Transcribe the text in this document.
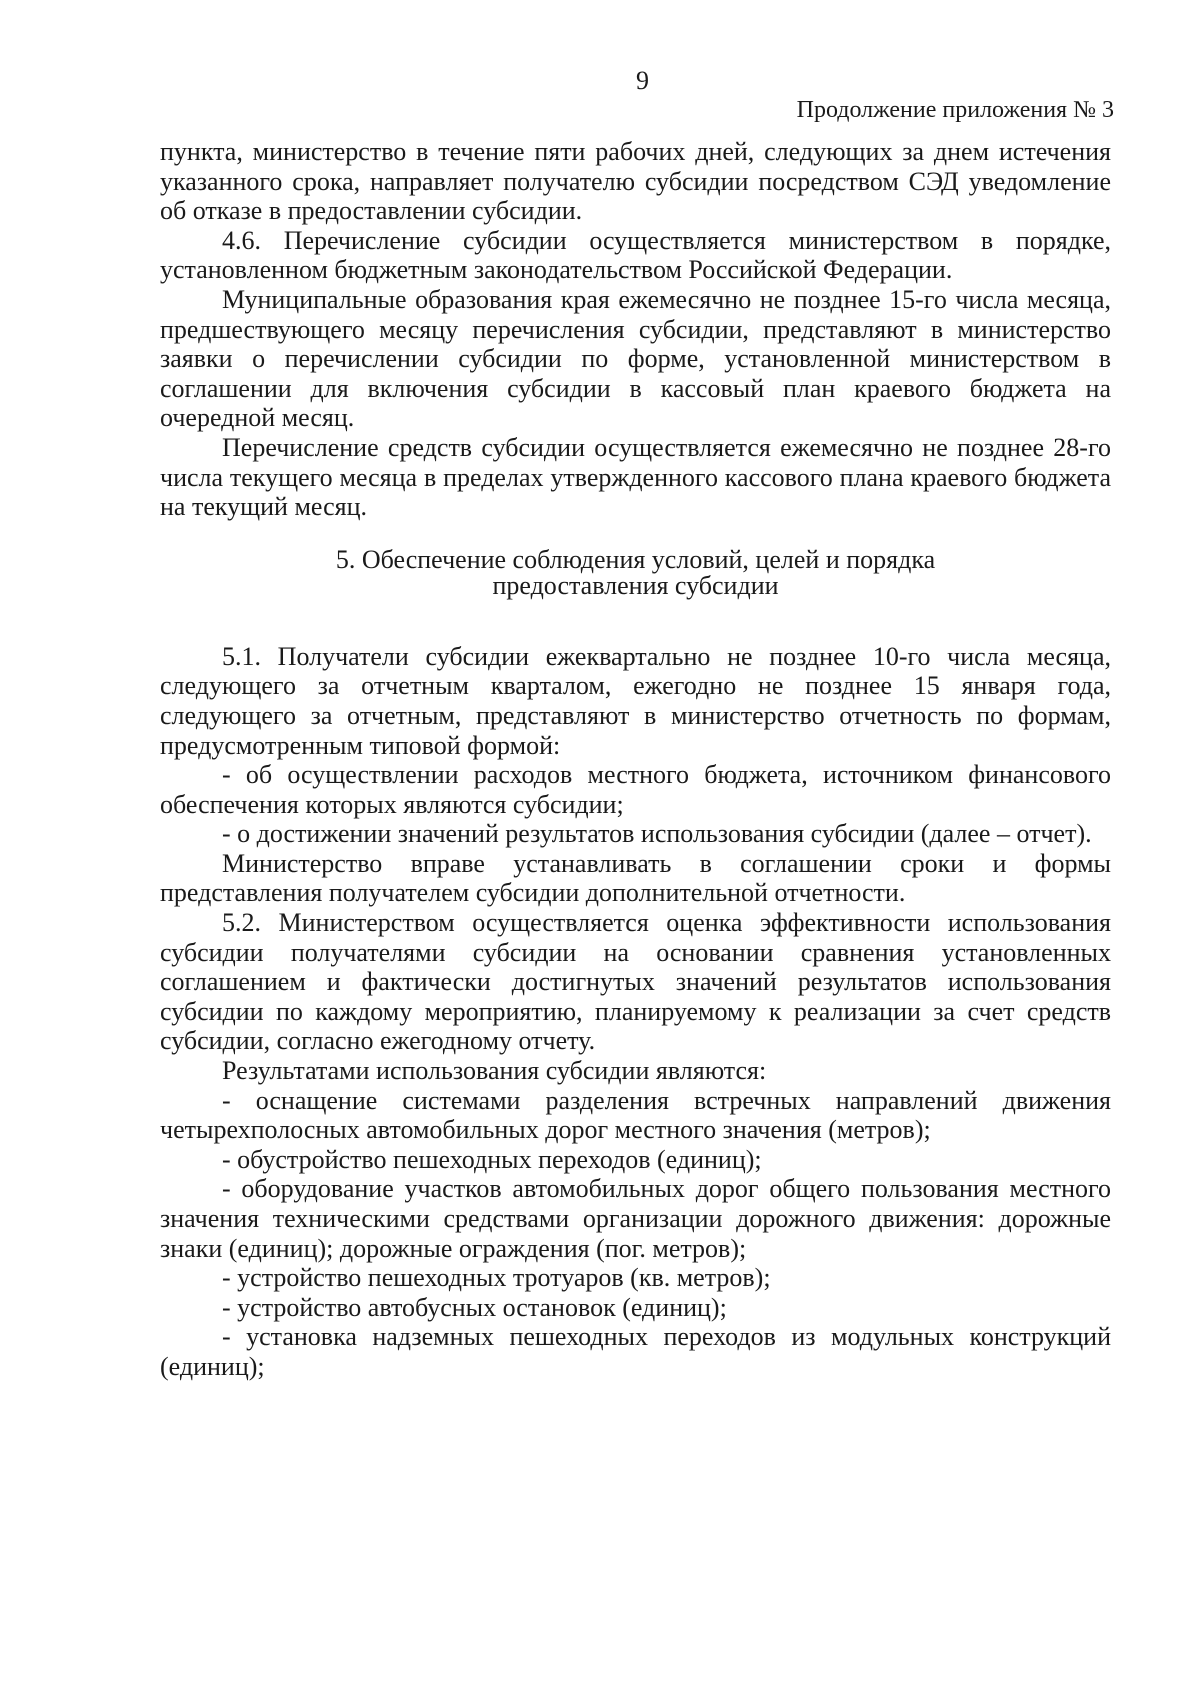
9
Продолжение приложения № 3

пункта, министерство в течение пяти рабочих дней, следующих за днем истечения указанного срока, направляет получателю субсидии посредством СЭД уведомление об отказе в предоставлении субсидии.

4.6. Перечисление субсидии осуществляется министерством в порядке, установленном бюджетным законодательством Российской Федерации.

Муниципальные образования края ежемесячно не позднее 15-го числа месяца, предшествующего месяцу перечисления субсидии, представляют в министерство заявки о перечислении субсидии по форме, установленной министерством в соглашении для включения субсидии в кассовый план краевого бюджета на очередной месяц.

Перечисление средств субсидии осуществляется ежемесячно не позднее 28-го числа текущего месяца в пределах утвержденного кассового плана краевого бюджета на текущий месяц.

5. Обеспечение соблюдения условий, целей и порядка
предоставления субсидии

5.1. Получатели субсидии ежеквартально не позднее 10-го числа месяца, следующего за отчетным кварталом, ежегодно не позднее 15 января года, следующего за отчетным, представляют в министерство отчетность по формам, предусмотренным типовой формой:

- об осуществлении расходов местного бюджета, источником финансового обеспечения которых являются субсидии;

- о достижении значений результатов использования субсидии (далее – отчет).

Министерство вправе устанавливать в соглашении сроки и формы представления получателем субсидии дополнительной отчетности.

5.2. Министерством осуществляется оценка эффективности использования субсидии получателями субсидии на основании сравнения установленных соглашением и фактически достигнутых значений результатов использования субсидии по каждому мероприятию, планируемому к реализации за счет средств субсидии, согласно ежегодному отчету.

Результатами использования субсидии являются:

- оснащение системами разделения встречных направлений движения четырехполосных автомобильных дорог местного значения (метров);

- обустройство пешеходных переходов (единиц);

- оборудование участков автомобильных дорог общего пользования местного значения техническими средствами организации дорожного движения: дорожные знаки (единиц); дорожные ограждения (пог. метров);

- устройство пешеходных тротуаров (кв. метров);

- устройство автобусных остановок (единиц);

- установка надземных пешеходных переходов из модульных конструкций (единиц);
